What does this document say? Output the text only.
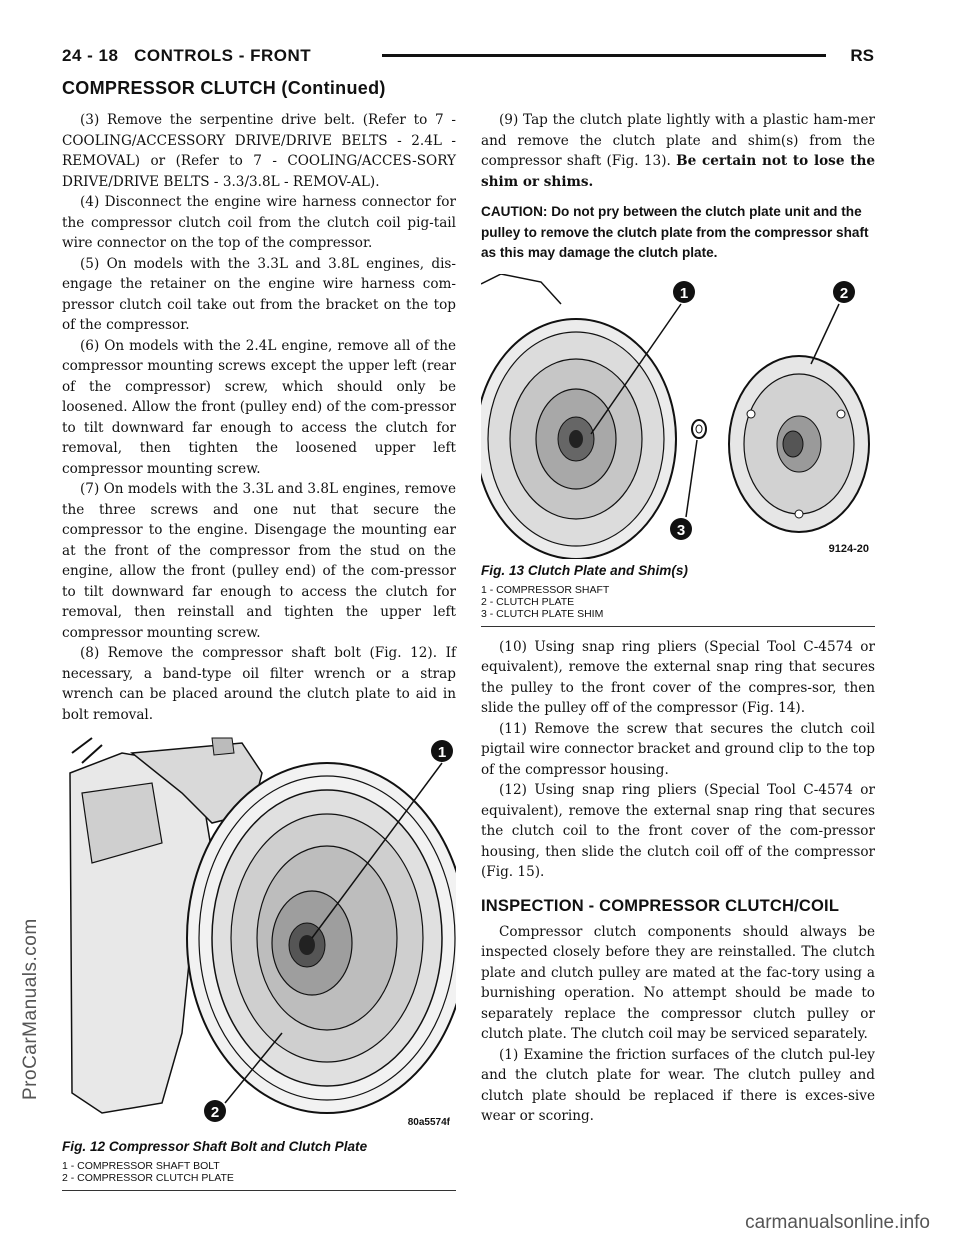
24 - 18 CONTROLS - FRONT	RS
COMPRESSOR CLUTCH (Continued)

(3) Remove the serpentine drive belt. (Refer to 7 - COOLING/ACCESSORY DRIVE/DRIVE BELTS - 2.4L - REMOVAL) or (Refer to 7 - COOLING/ACCES-SORY DRIVE/DRIVE BELTS - 3.3/3.8L - REMOV-AL).

(4) Disconnect the engine wire harness connector for the compressor clutch coil from the clutch coil pig-tail wire connector on the top of the compressor.

(5) On models with the 3.3L and 3.8L engines, dis-engage the retainer on the engine wire harness com-pressor clutch coil take out from the bracket on the top of the compressor.

(6) On models with the 2.4L engine, remove all of the compressor mounting screws except the upper left (rear of the compressor) screw, which should only be loosened. Allow the front (pulley end) of the com-pressor to tilt downward far enough to access the clutch for removal, then tighten the loosened upper left compressor mounting screw.

(7) On models with the 3.3L and 3.8L engines, remove the three screws and one nut that secure the compressor to the engine. Disengage the mounting ear at the front of the compressor from the stud on the engine, allow the front (pulley end) of the com-pressor to tilt downward far enough to access the clutch for removal, then reinstall and tighten the upper left compressor mounting screw.

(8) Remove the compressor shaft bolt (Fig. 12). If necessary, a band-type oil filter wrench or a strap wrench can be placed around the clutch plate to aid in bolt removal.

1
2
80a5574f
Fig. 12 Compressor Shaft Bolt and Clutch Plate
1 - COMPRESSOR SHAFT BOLT
2 - COMPRESSOR CLUTCH PLATE

(9) Tap the clutch plate lightly with a plastic ham-mer and remove the clutch plate and shim(s) from the compressor shaft (Fig. 13). Be certain not to lose the shim or shims.

CAUTION: Do not pry between the clutch plate unit and the pulley to remove the clutch plate from the compressor shaft as this may damage the clutch plate.

1	2
3
9124-20
Fig. 13 Clutch Plate and Shim(s)
1 - COMPRESSOR SHAFT
2 - CLUTCH PLATE
3 - CLUTCH PLATE SHIM

(10) Using snap ring pliers (Special Tool C-4574 or equivalent), remove the external snap ring that secures the pulley to the front cover of the compres-sor, then slide the pulley off of the compressor (Fig. 14).

(11) Remove the screw that secures the clutch coil pigtail wire connector bracket and ground clip to the top of the compressor housing.

(12) Using snap ring pliers (Special Tool C-4574 or equivalent), remove the external snap ring that secures the clutch coil to the front cover of the com-pressor housing, then slide the clutch coil off of the compressor (Fig. 15).

INSPECTION - COMPRESSOR CLUTCH/COIL

Compressor clutch components should always be inspected closely before they are reinstalled. The clutch plate and clutch pulley are mated at the fac-tory using a burnishing operation. No attempt should be made to separately replace the compressor clutch pulley or clutch plate. The clutch coil may be serviced separately.

(1) Examine the friction surfaces of the clutch pul-ley and the clutch plate for wear. The clutch pulley and clutch plate should be replaced if there is exces-sive wear or scoring.

ProCarManuals.com
carmanualsonline.info
